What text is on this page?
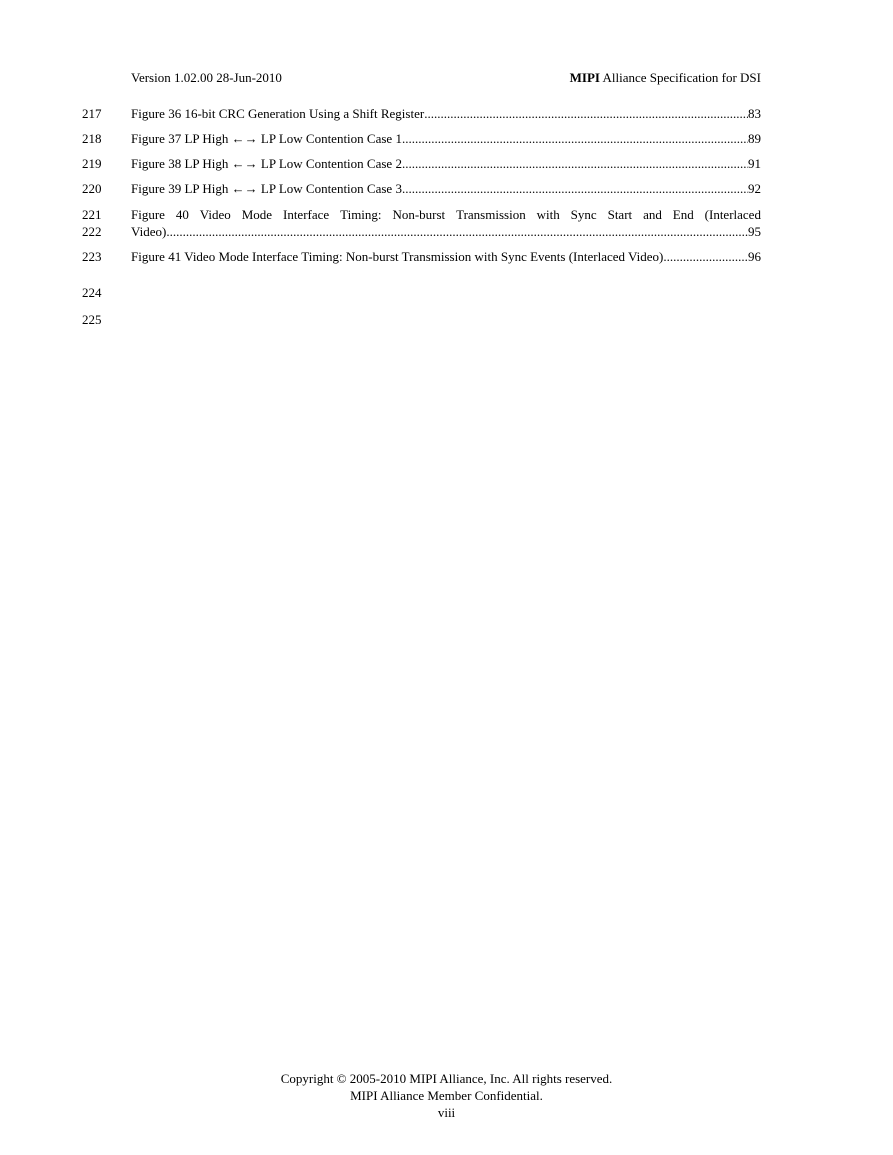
Version 1.02.00 28-Jun-2010	MIPI Alliance Specification for DSI
217
218
219
220
221
222
223
224
225
Figure 36 16-bit CRC Generation Using a Shift Register .....	83
Figure 37 LP High ←→ LP Low Contention Case 1 .....	89
Figure 38 LP High ←→ LP Low Contention Case 2 .....	91
Figure 39 LP High ←→ LP Low Contention Case 3 .....	92
Figure 40 Video Mode Interface Timing: Non-burst Transmission with Sync Start and End (Interlaced
Video) .....	95
Figure 41 Video Mode Interface Timing: Non-burst Transmission with Sync Events (Interlaced Video) .....	96
Copyright © 2005-2010 MIPI Alliance, Inc. All rights reserved.
MIPI Alliance Member Confidential.
viii
